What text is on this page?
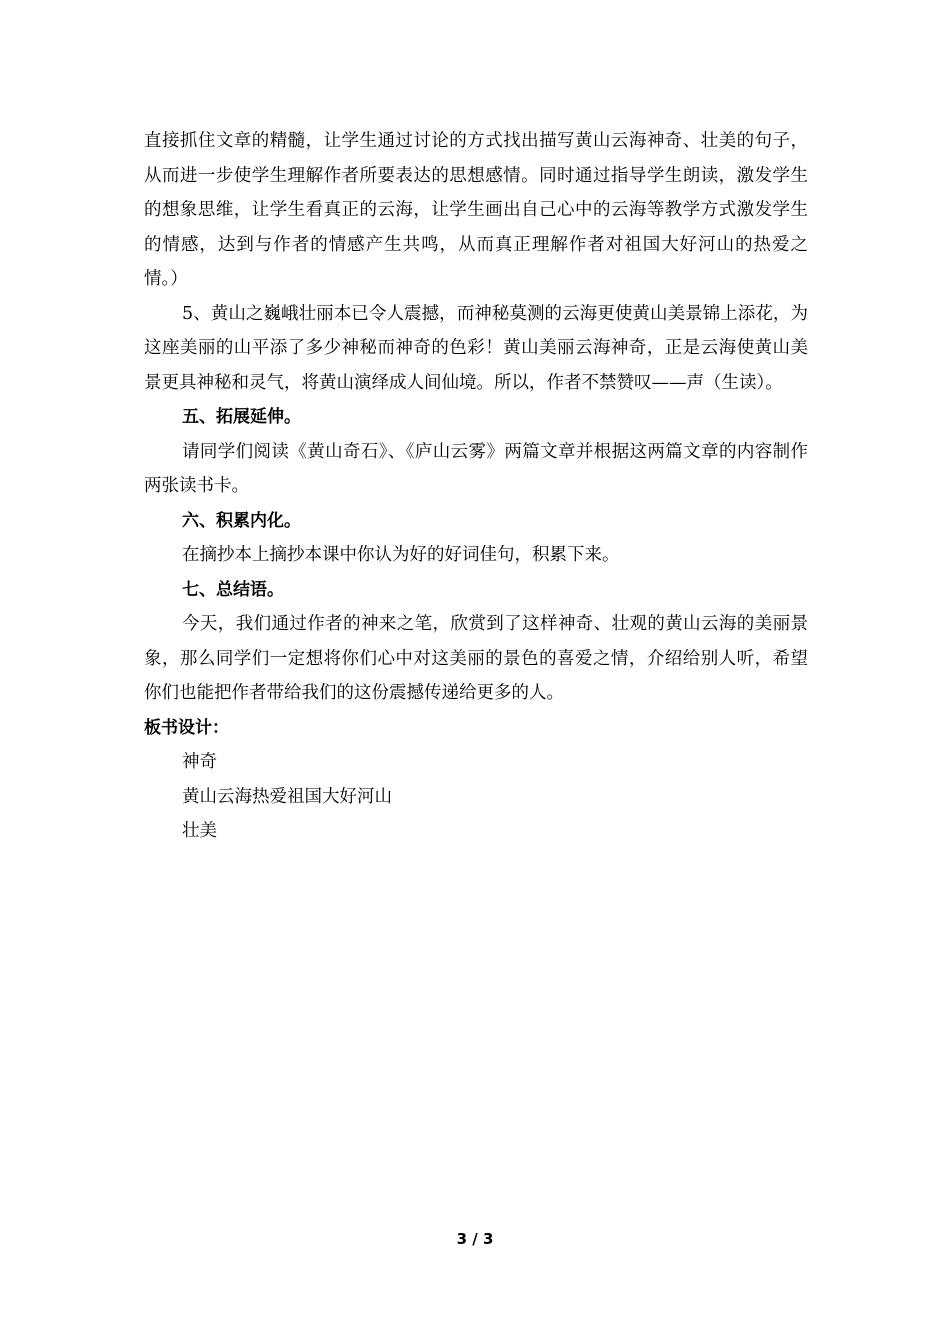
直接抓住文章的精髓，让学生通过讨论的方式找出描写黄山云海神奇、壮美的句子，从而进一步使学生理解作者所要表达的思想感情。同时通过指导学生朗读，激发学生的想象思维，让学生看真正的云海，让学生画出自己心中的云海等教学方式激发学生的情感，达到与作者的情感产生共鸣，从而真正理解作者对祖国大好河山的热爱之情。）

5、黄山之巍峨壮丽本已令人震撼，而神秘莫测的云海更使黄山美景锦上添花，为这座美丽的山平添了多少神秘而神奇的色彩！黄山美丽云海神奇，正是云海使黄山美景更具神秘和灵气，将黄山演绎成人间仙境。所以，作者不禁赞叹——声（生读）。

五、拓展延伸。

请同学们阅读《黄山奇石》、《庐山云雾》两篇文章并根据这两篇文章的内容制作两张读书卡。

六、积累内化。

在摘抄本上摘抄本课中你认为好的好词佳句，积累下来。

七、总结语。

今天，我们通过作者的神来之笔，欣赏到了这样神奇、壮观的黄山云海的美丽景象，那么同学们一定想将你们心中对这美丽的景色的喜爱之情，介绍给别人听，希望你们也能把作者带给我们的这份震撼传递给更多的人。

板书设计：

神奇

黄山云海热爱祖国大好河山

壮美

3 / 3
